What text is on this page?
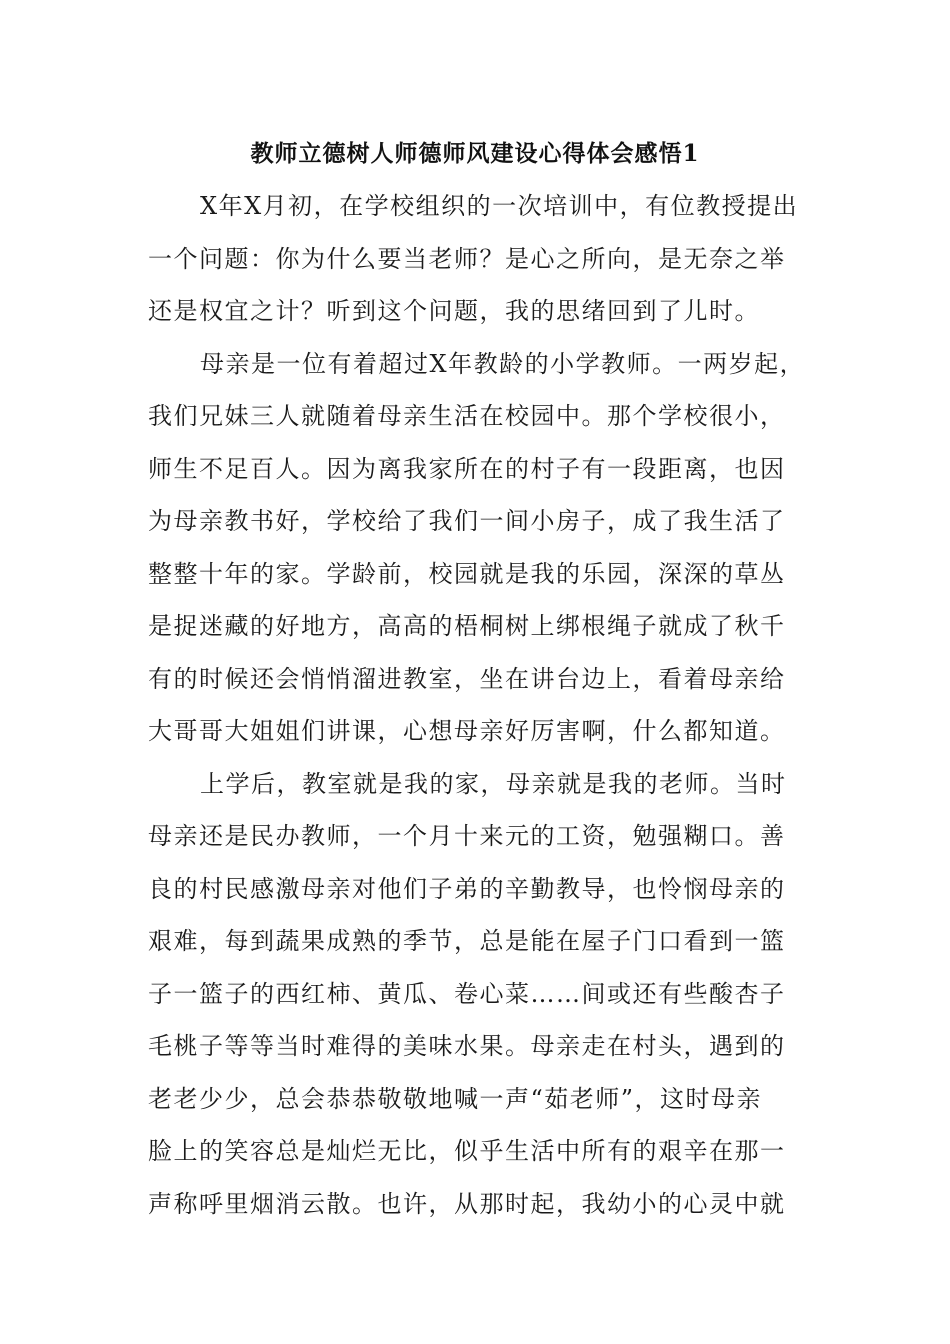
教师立德树人师德师风建设心得体会感悟1
X年X月初，在学校组织的一次培训中，有位教授提出
一个问题：你为什么要当老师？是心之所向，是无奈之举
还是权宜之计？听到这个问题，我的思绪回到了儿时。
母亲是一位有着超过X年教龄的小学教师。一两岁起，
我们兄妹三人就随着母亲生活在校园中。那个学校很小，
师生不足百人。因为离我家所在的村子有一段距离，也因
为母亲教书好，学校给了我们一间小房子，成了我生活了
整整十年的家。学龄前，校园就是我的乐园，深深的草丛
是捉迷藏的好地方，高高的梧桐树上绑根绳子就成了秋千
有的时候还会悄悄溜进教室，坐在讲台边上，看着母亲给
大哥哥大姐姐们讲课，心想母亲好厉害啊，什么都知道。
上学后，教室就是我的家，母亲就是我的老师。当时
母亲还是民办教师，一个月十来元的工资，勉强糊口。善
良的村民感激母亲对他们子弟的辛勤教导，也怜悯母亲的
艰难，每到蔬果成熟的季节，总是能在屋子门口看到一篮
子一篮子的西红柿、黄瓜、卷心菜……间或还有些酸杏子
毛桃子等等当时难得的美味水果。母亲走在村头，遇到的
老老少少，总会恭恭敬敬地喊一声“茹老师”，这时母亲
脸上的笑容总是灿烂无比，似乎生活中所有的艰辛在那一
声称呼里烟消云散。也许，从那时起，我幼小的心灵中就
